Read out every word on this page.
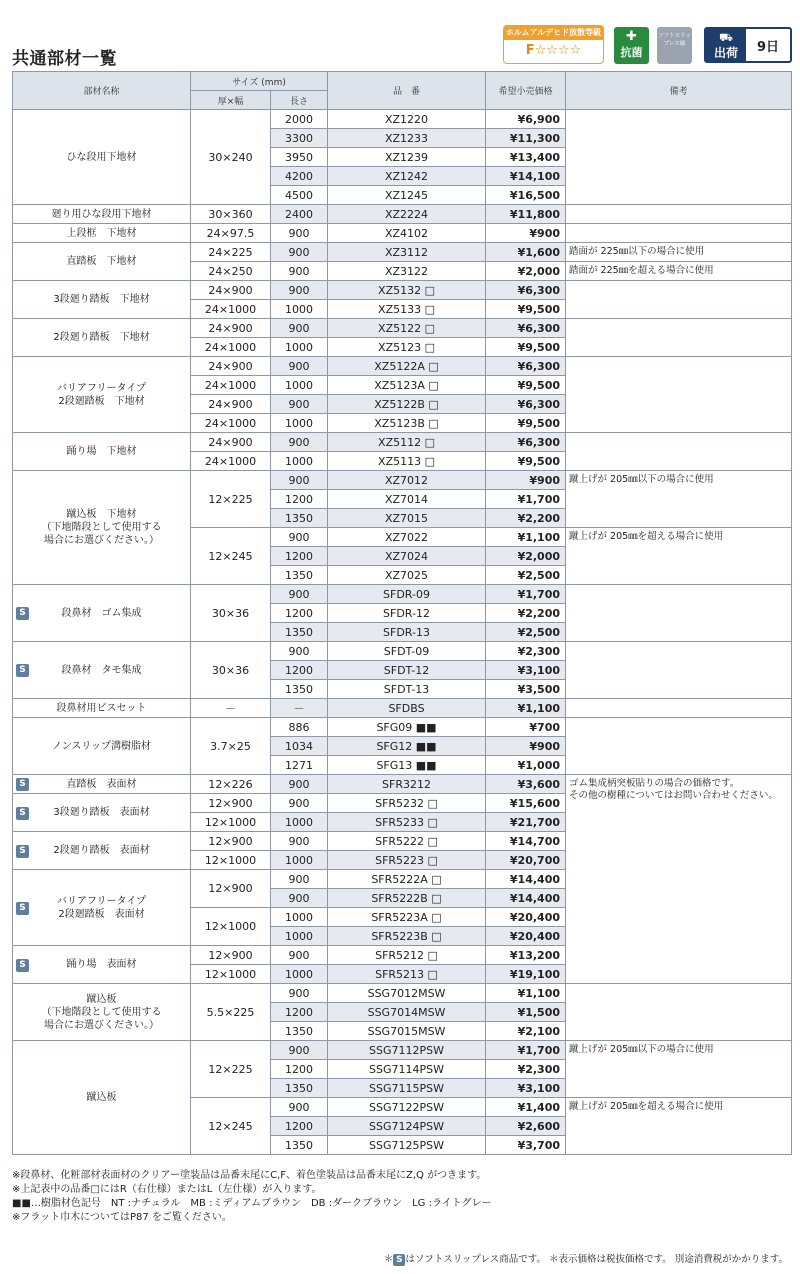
共通部材一覧
ホルムアルデヒド放散等級
F☆☆☆☆
✚
抗菌
ソフトスリップレス縁	⛟
出荷	9日
部材名称	サイズ (mm)		品　番	希望小売価格	備考
	厚×幅	長さ			
ひな段用下地材	30×240	2000	XZ1220	¥6,900	
		3300	XZ1233	¥11,300	
		3950	XZ1239	¥13,400	
		4200	XZ1242	¥14,100	
		4500	XZ1245	¥16,500	
廻り用ひな段用下地材	30×360	2400	XZ2224	¥11,800	
上段框　下地材	24×97.5	900	XZ4102	¥900	
直踏板　下地材	24×225	900	XZ3112	¥1,600	踏面が 225㎜以下の場合に使用
	24×250	900	XZ3122	¥2,000	踏面が 225㎜を超える場合に使用
3段廻り踏板　下地材	24×900	900	XZ5132 □	¥6,300	
	24×1000	1000	XZ5133 □	¥9,500	
2段廻り踏板　下地材	24×900	900	XZ5122 □	¥6,300	
	24×1000	1000	XZ5123 □	¥9,500	
バリアフリータイプ
2段廻踏板　下地材	24×900	900	XZ5122A □	¥6,300	
	24×1000	1000	XZ5123A □	¥9,500	
	24×900	900	XZ5122B □	¥6,300	
	24×1000	1000	XZ5123B □	¥9,500	
踊り場　下地材	24×900	900	XZ5112 □	¥6,300	
	24×1000	1000	XZ5113 □	¥9,500	
蹴込板　下地材
（下地階段として使用する
場合にお選びください。）	12×225	900	XZ7012	¥900	蹴上げが 205㎜以下の場合に使用
		1200	XZ7014	¥1,700	
		1350	XZ7015	¥2,200	
	12×245	900	XZ7022	¥1,100	蹴上げが 205㎜を超える場合に使用
		1200	XZ7024	¥2,000	
		1350	XZ7025	¥2,500	

S 段鼻材　ゴム集成	30×36	900	SFDR-09	¥1,700	
		1200	SFDR-12	¥2,200	
		1350	SFDR-13	¥2,500	

S 段鼻材　タモ集成	30×36	900	SFDT-09	¥2,300	
		1200	SFDT-12	¥3,100	
		1350	SFDT-13	¥3,500	
段鼻材用ビスセット	－	－	SFDBS	¥1,100	
ノンスリップ溝樹脂材	3.7×25	886	SFG09 ■■	¥700	
		1034	SFG12 ■■	¥900	
		1271	SFG13 ■■	¥1,000	

S 直踏板　表面材	12×226	900	SFR3212	¥3,600	ゴム集成柄突板貼りの場合の価格です。
その他の樹種についてはお問い合わせください。

S 3段廻り踏板　表面材	12×900	900	SFR5232 □	¥15,600	
	12×1000	1000	SFR5233 □	¥21,700	

S 2段廻り踏板　表面材	12×900	900	SFR5222 □	¥14,700	
	12×1000	1000	SFR5223 □	¥20,700	

S
バリアフリータイプ
2段廻踏板　表面材	12×900	900	SFR5222A □	¥14,400	
		900	SFR5222B □	¥14,400	
	12×1000	1000	SFR5223A □	¥20,400	
		1000	SFR5223B □	¥20,400	

S 踊り場　表面材	12×900	900	SFR5212 □	¥13,200	
	12×1000	1000	SFR5213 □	¥19,100	
蹴込板
（下地階段として使用する
場合にお選びください。）	5.5×225	900	SSG7012MSW	¥1,100	
		1200	SSG7014MSW	¥1,500	
		1350	SSG7015MSW	¥2,100	
蹴込板	12×225	900	SSG7112PSW	¥1,700	蹴上げが 205㎜以下の場合に使用
		1200	SSG7114PSW	¥2,300	
		1350	SSG7115PSW	¥3,100	
	12×245	900	SSG7122PSW	¥1,400	蹴上げが 205㎜を超える場合に使用
		1200	SSG7124PSW	¥2,600	
		1350	SSG7125PSW	¥3,700	
※段鼻材、化粧部材表面材のクリアー塗装品は品番末尾にC,F、着色塗装品は品番末尾にZ,Q がつきます。
※上記表中の品番□にはR（右仕様）またはL（左仕様）が入ります。
■■…樹脂材色記号　NT :ナチュラル　MB :ミディアムブラウン　DB :ダークブラウン　LG :ライトグレー
※フラット巾木についてはP87 をご覧ください。
＊ S はソフトスリップレス商品です。 ＊表示価格は税抜価格です。 別途消費税がかかります。
